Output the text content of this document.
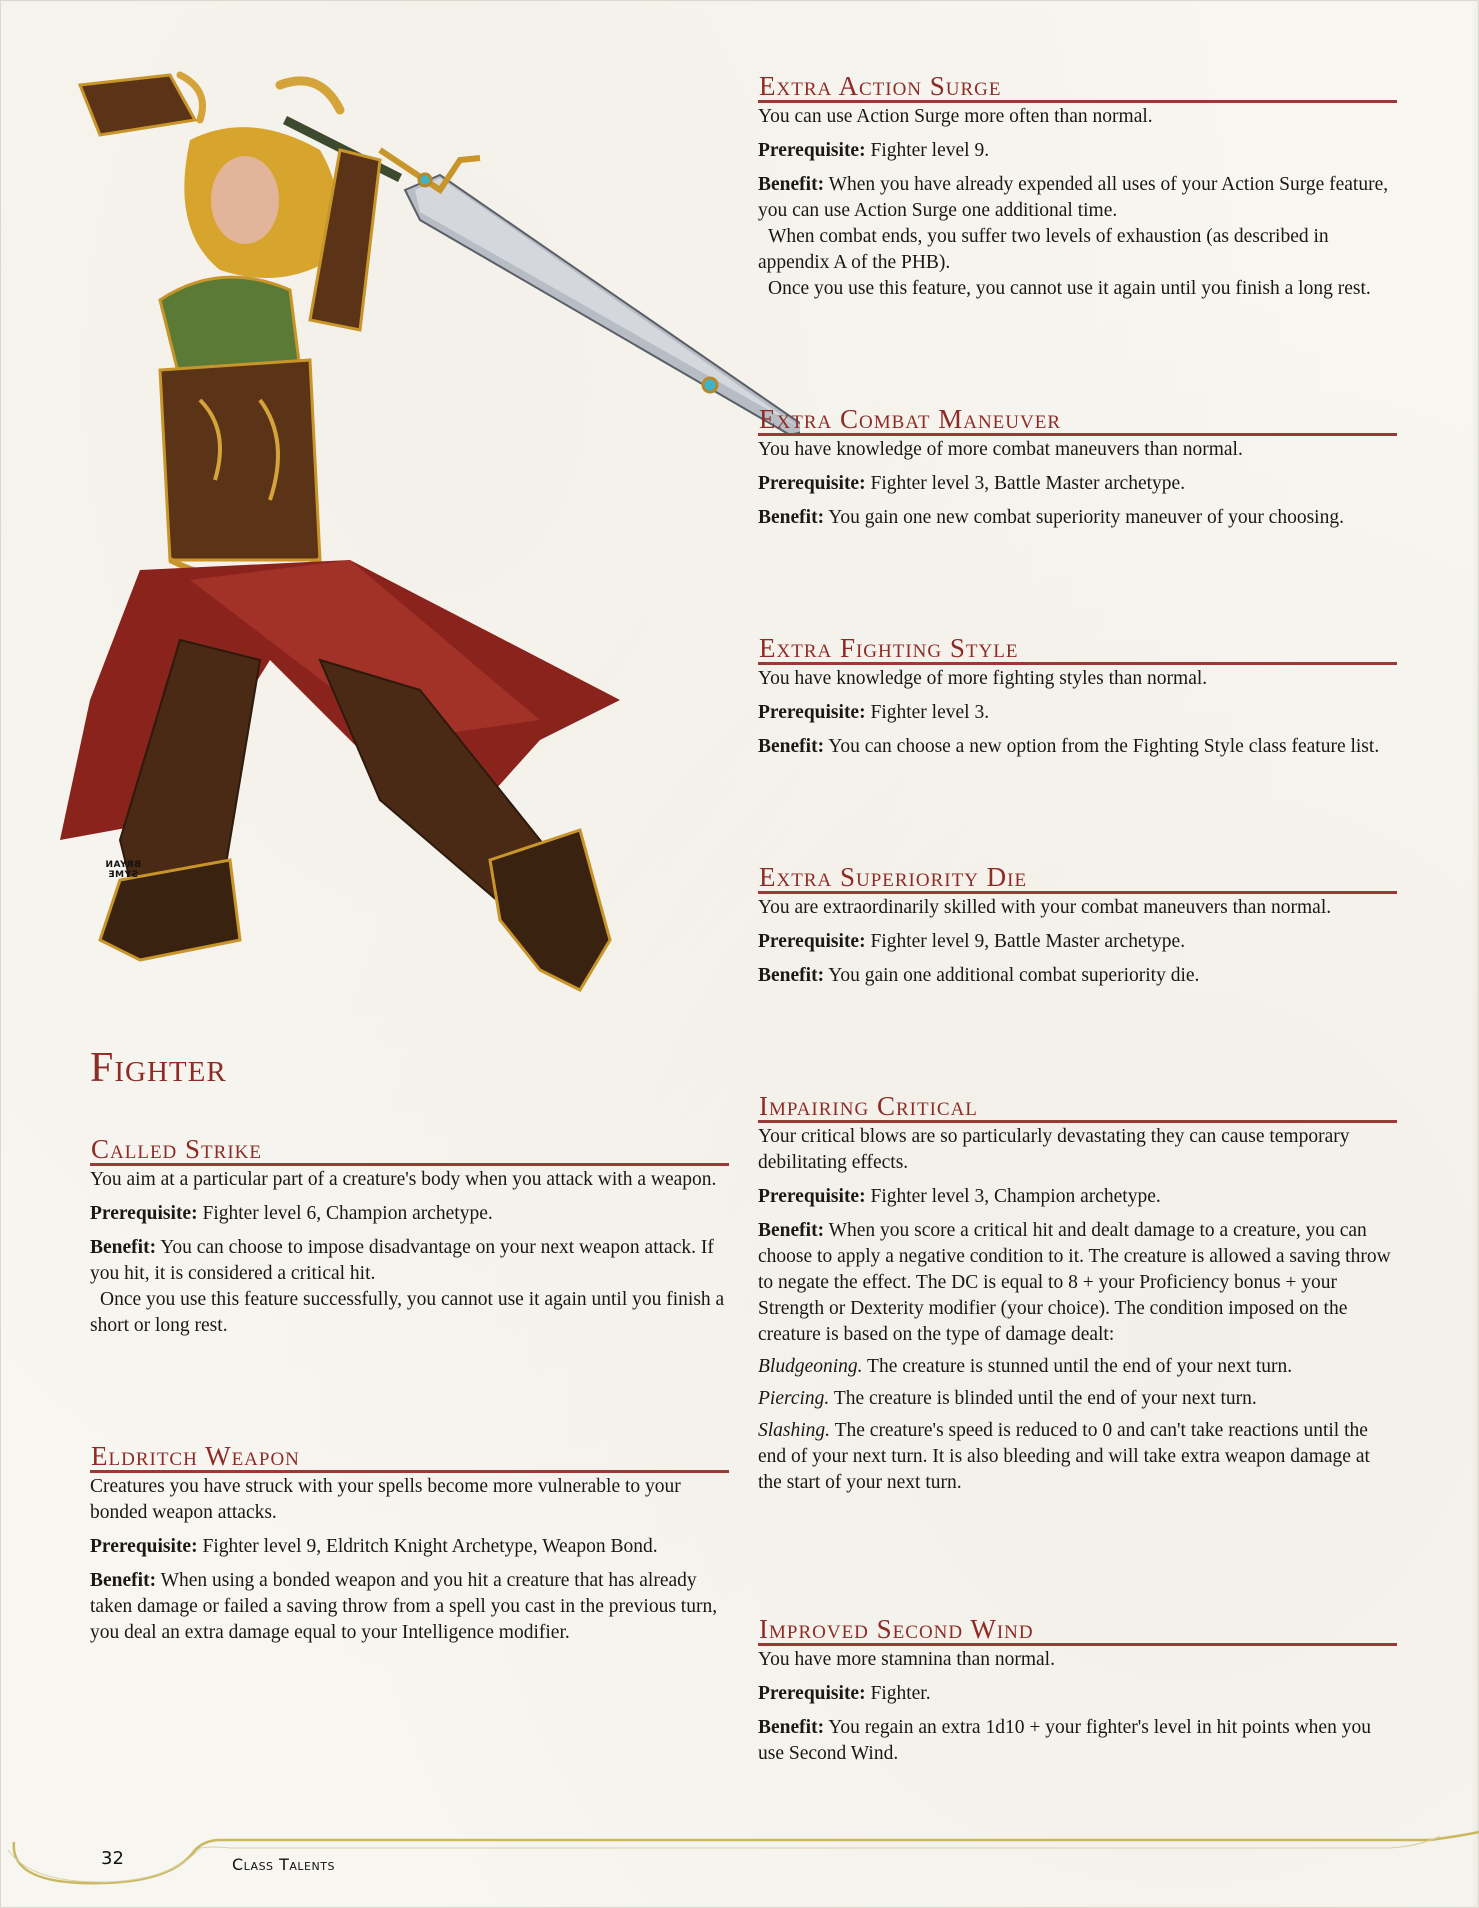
BRYAN
SYME
Fighter
Called Strike

You aim at a particular part of a creature's body when you attack with a weapon.

Prerequisite: Fighter level 6, Champion archetype.

Benefit: You can choose to impose disadvantage on your next weapon attack. If you hit, it is considered a critical hit.

Once you use this feature successfully, you cannot use it again until you finish a short or long rest.

Eldritch Weapon

Creatures you have struck with your spells become more vulnerable to your bonded weapon attacks.

Prerequisite: Fighter level 9, Eldritch Knight Archetype, Weapon Bond.

Benefit: When using a bonded weapon and you hit a creature that has already taken damage or failed a saving throw from a spell you cast in the previous turn, you deal an extra damage equal to your Intelligence modifier.

Extra Action Surge

You can use Action Surge more often than normal.

Prerequisite: Fighter level 9.

Benefit: When you have already expended all uses of your Action Surge feature, you can use Action Surge one additional time.

When combat ends, you suffer two levels of exhaustion (as described in appendix A of the PHB).

Once you use this feature, you cannot use it again until you finish a long rest.

Extra Combat Maneuver

You have knowledge of more combat maneuvers than normal.

Prerequisite: Fighter level 3, Battle Master archetype.

Benefit: You gain one new combat superiority maneuver of your choosing.

Extra Fighting Style

You have knowledge of more fighting styles than normal.

Prerequisite: Fighter level 3.

Benefit: You can choose a new option from the Fighting Style class feature list.

Extra Superiority Die

You are extraordinarily skilled with your combat maneuvers than normal.

Prerequisite: Fighter level 9, Battle Master archetype.

Benefit: You gain one additional combat superiority die.

Impairing Critical

Your critical blows are so particularly devastating they can cause temporary debilitating effects.

Prerequisite: Fighter level 3, Champion archetype.

Benefit: When you score a critical hit and dealt damage to a creature, you can choose to apply a negative condition to it. The creature is allowed a saving throw to negate the effect. The DC is equal to 8 + your Proficiency bonus + your Strength or Dexterity modifier (your choice). The condition imposed on the creature is based on the type of damage dealt:

Bludgeoning. The creature is stunned until the end of your next turn.

Piercing. The creature is blinded until the end of your next turn.

Slashing. The creature's speed is reduced to 0 and can't take reactions until the end of your next turn. It is also bleeding and will take extra weapon damage at the start of your next turn.

Improved Second Wind

You have more stamnina than normal.

Prerequisite: Fighter.

Benefit: You regain an extra 1d10 + your fighter's level in hit points when you use Second Wind.

32	Class Talents
